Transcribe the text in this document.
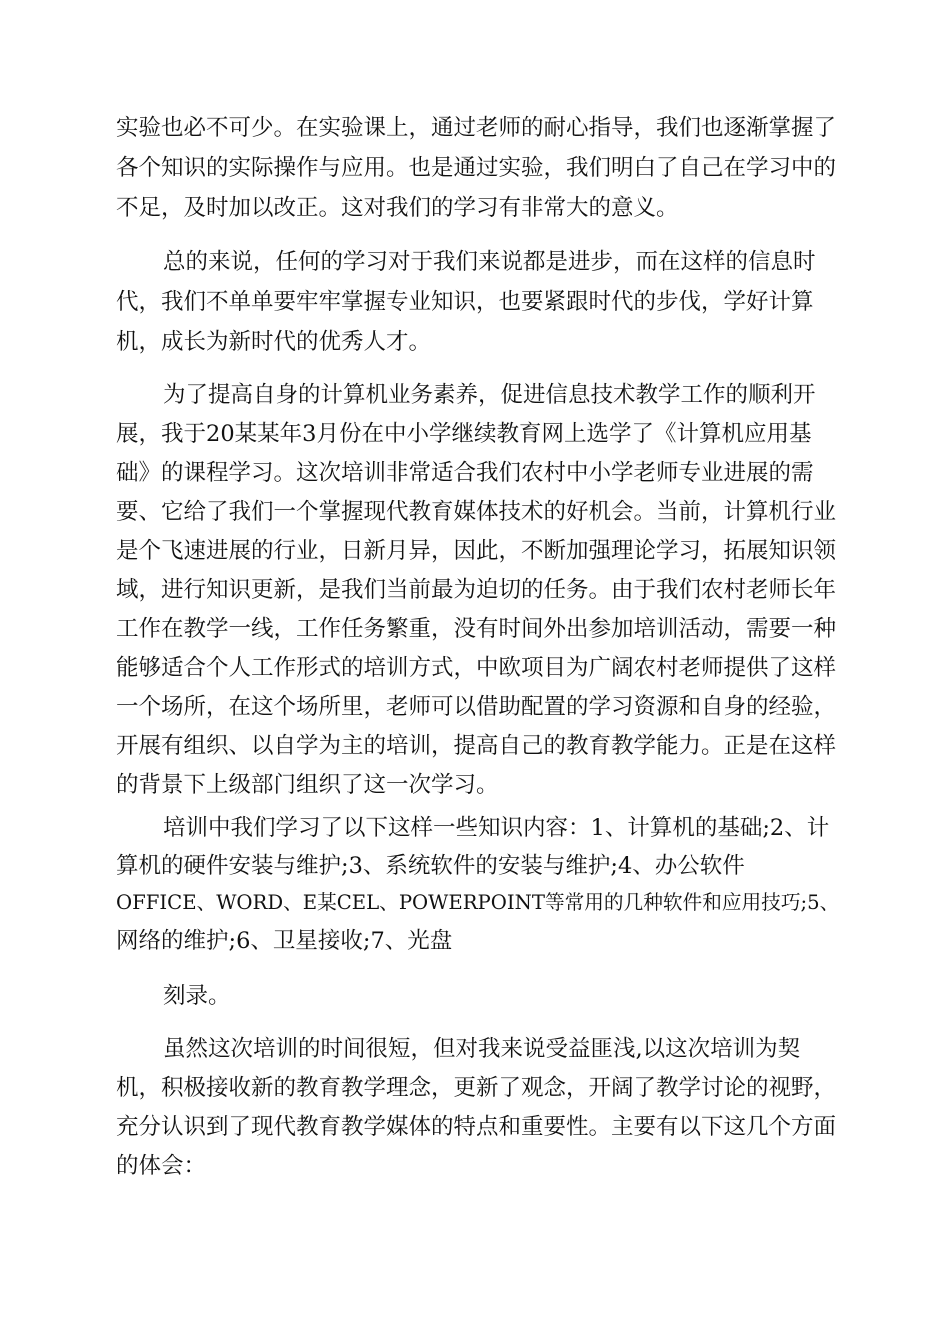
实验也必不可少。在实验课上，通过老师的耐心指导，我们也逐渐掌握了
各个知识的实际操作与应用。也是通过实验，我们明白了自己在学习中的
不足，及时加以改正。这对我们的学习有非常大的意义。
总的来说，任何的学习对于我们来说都是进步，而在这样的信息时
代，我们不单单要牢牢掌握专业知识，也要紧跟时代的步伐，学好计算
机，成长为新时代的优秀人才。
为了提高自身的计算机业务素养，促进信息技术教学工作的顺利开
展，我于20某某年3月份在中小学继续教育网上选学了《计算机应用基
础》的课程学习。这次培训非常适合我们农村中小学老师专业进展的需
要、它给了我们一个掌握现代教育媒体技术的好机会。当前，计算机行业
是个飞速进展的行业，日新月异，因此，不断加强理论学习，拓展知识领
域，进行知识更新，是我们当前最为迫切的任务。由于我们农村老师长年
工作在教学一线，工作任务繁重，没有时间外出参加培训活动，需要一种
能够适合个人工作形式的培训方式，中欧项目为广阔农村老师提供了这样
一个场所，在这个场所里，老师可以借助配置的学习资源和自身的经验，
开展有组织、以自学为主的培训，提高自己的教育教学能力。正是在这样
的背景下上级部门组织了这一次学习。
培训中我们学习了以下这样一些知识内容：1、计算机的基础;2、计
算机的硬件安装与维护;3、系统软件的安装与维护;4、办公软件
OFFICE、WORD、E某CEL、POWERPOINT等常用的几种软件和应用技巧;5、
网络的维护;6、卫星接收;7、光盘
刻录。
虽然这次培训的时间很短，但对我来说受益匪浅,以这次培训为契
机，积极接收新的教育教学理念，更新了观念，开阔了教学讨论的视野，
充分认识到了现代教育教学媒体的特点和重要性。主要有以下这几个方面
的体会：
